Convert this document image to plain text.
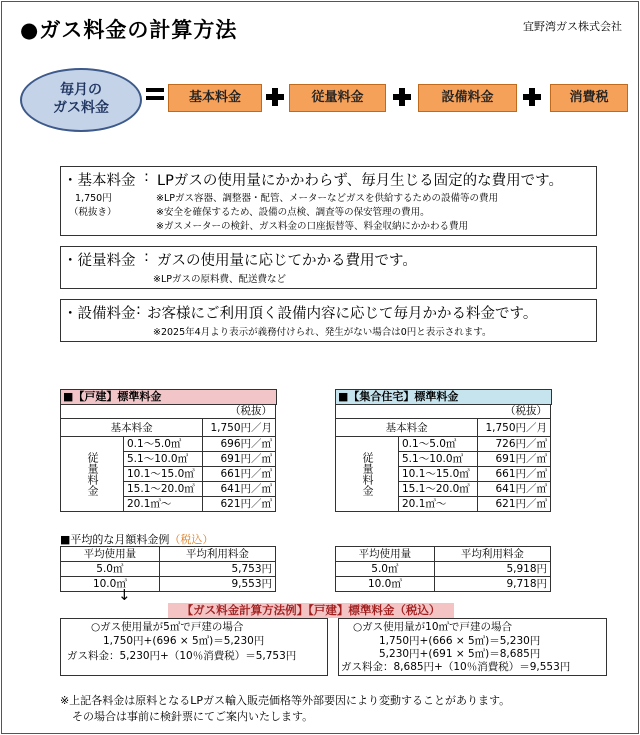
●ガス料金の計算方法	宜野湾ガス株式会社
毎月の
ガス料金
基本料金	従量料金	設備料金	消費税
・基本料金 : LPガスの使用量にかかわらず、毎月生じる固定的な費用です。
1,750円
（税抜き）
※LPガス容器、調整器・配管、メーターなどガスを供給するための設備等の費用
※安全を確保するため、設備の点検、調査等の保安管理の費用。
※ガスメーターの検針、ガス料金の口座振替等、料金収納にかかわる費用
・従量料金 : ガスの使用量に応じてかかる費用です。
※LPガスの原料費、配送費など
・設備料金 : お客様にご利用頂く設備内容に応じて毎月かかる料金です。
※2025年4月より表示が義務付けられ、発生がない場合は0円と表示されます。
■【戸建】標準料金
（税抜）		
基本料金		1,750円／月
従量料金	0.1～5.0㎥	696円／㎥
	5.1～10.0㎥	691円／㎥
	10.1～15.0㎥	661円／㎥
	15.1～20.0㎥	641円／㎥
	20.1㎥～	621円／㎥
■平均的な月額料金例（税込）
平均使用量	平均利用料金
5.0㎥	5,753円
10.0㎥	9,553円
■【集合住宅】標準料金
（税抜）		
基本料金		1,750円／月
従量料金	0.1～5.0㎥	726円／㎥
	5.1～10.0㎥	691円／㎥
	10.1～15.0㎥	661円／㎥
	15.1～20.0㎥	641円／㎥
	20.1㎥～	621円／㎥
平均使用量	平均利用料金
5.0㎥	5,918円
10.0㎥	9,718円
↓
【ガス料金計算方法例】【戸建】標準料金（税込）
○ガス使用量が5㎥で戸建の場合
1,750円+(696 × 5㎥)＝5,230円
ガス料金：5,230円+（10％消費税）＝5,753円
○ガス使用量が10㎥で戸建の場合
1,750円+(666 × 5㎥)＝5,230円
5,230円+(691 × 5㎥)＝8,685円
ガス料金：8,685円+（10％消費税）＝9,553円
※上記各料金は原料となるLPガス輸入販売価格等外部要因により変動することがあります。
その場合は事前に検針票にてご案内いたします。
